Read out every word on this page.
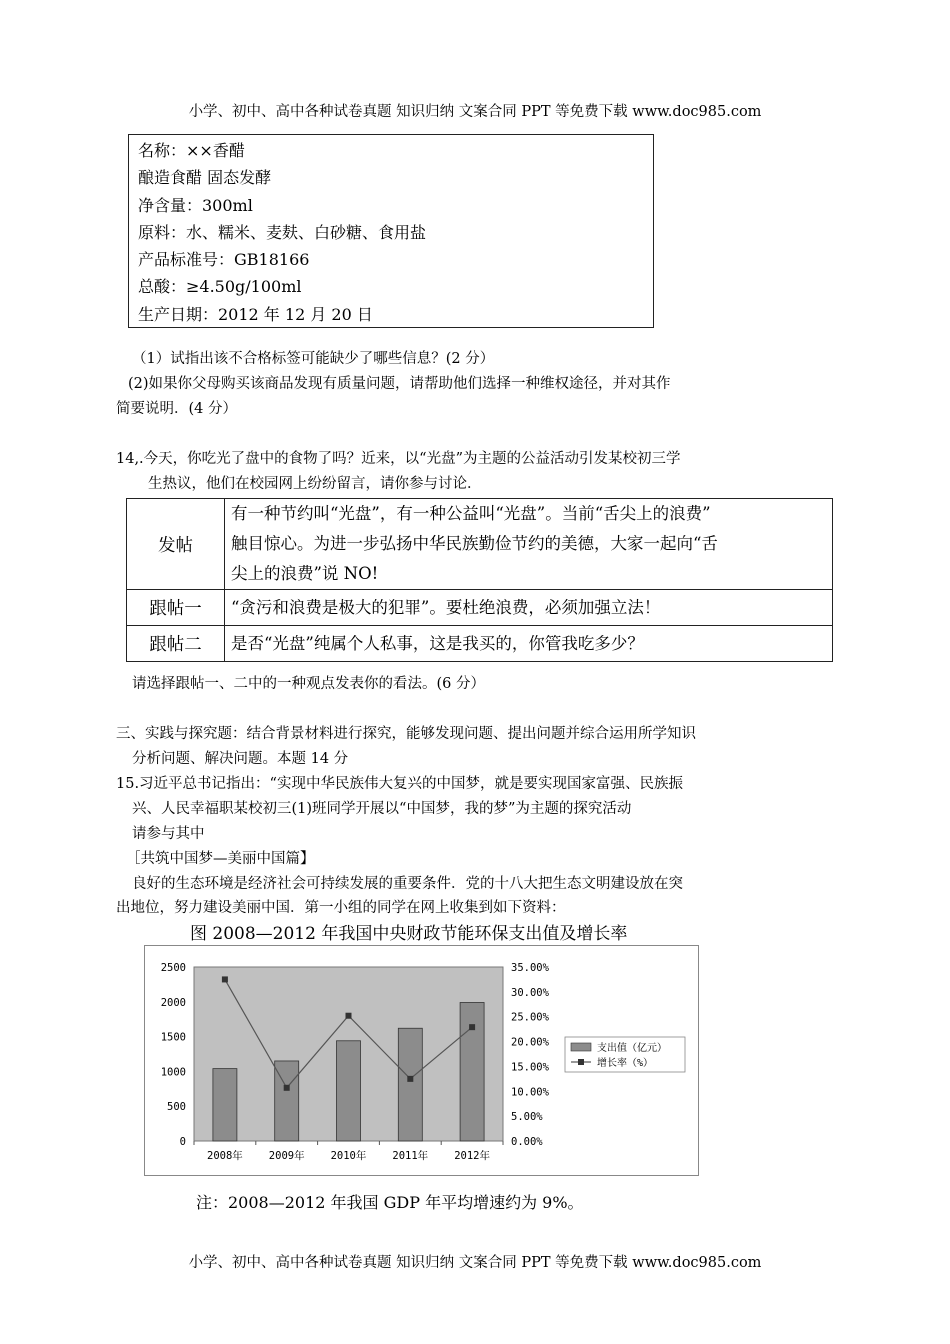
小学、初中、高中各种试卷真题 知识归纳 文案合同 PPT 等免费下载 www.doc985.com
名称：××香醋
酿造食醋 固态发酵
净含量：300ml
原料：水、糯米、麦麸、白砂糖、食用盐
产品标准号：GB18166
总酸：≥4.50g/100ml
生产日期：2012 年 12 月 20 日
（1）试指出该不合格标签可能缺少了哪些信息？(2 分）
(2)如果你父母购买该商品发现有质量问题，请帮助他们选择一种维权途径，并对其作
简要说明．(4 分）
14,.今天，你吃光了盘中的食物了吗？近来，以“光盘”为主题的公益活动引发某校初三学
生热议，他们在校园网上纷纷留言，请你参与讨论．
发帖	有一种节约叫“光盘”，有一种公益叫“光盘”。当前“舌尖上的浪费”
触目惊心。为进一步弘扬中华民族勤俭节约的美德，大家一起向“舌
尖上的浪费”说 NO!

跟帖一	“贪污和浪费是极大的犯罪”。要杜绝浪费，必须加强立法！

跟帖二	是否“光盘”纯属个人私事，这是我买的，你管我吃多少？
请选择跟帖一、二中的一种观点发表你的看法。(6 分）
三、实践与探究题：结合背景材料进行探究，能够发现问题、提出问题并综合运用所学知识
分析问题、解决问题。本题 14 分
15.习近平总书记指出：“实现中华民族伟大复兴的中国梦，就是要实现国家富强、民族振
兴、人民幸福职某校初三(1)班同学开展以“中国梦，我的梦”为主题的探究活动
请参与其中
［共筑中国梦—美丽中国篇】
良好的生态环境是经济社会可持续发展的重要条件．党的十八大把生态文明建设放在突
出地位，努力建设美丽中国．第一小组的同学在网上收集到如下资料：
图 2008—2012 年我国中央财政节能环保支出值及增长率
0
500
1000
1500
2000
2500
0.00%
5.00%
10.00%
15.00%
20.00%
25.00%
30.00%
35.00%
2008年 2009年 2010年 2011年 2012年
支出值（亿元）
增长率（%）
注：2008—2012 年我国 GDP 年平均增速约为 9%。
小学、初中、高中各种试卷真题 知识归纳 文案合同 PPT 等免费下载 www.doc985.com
